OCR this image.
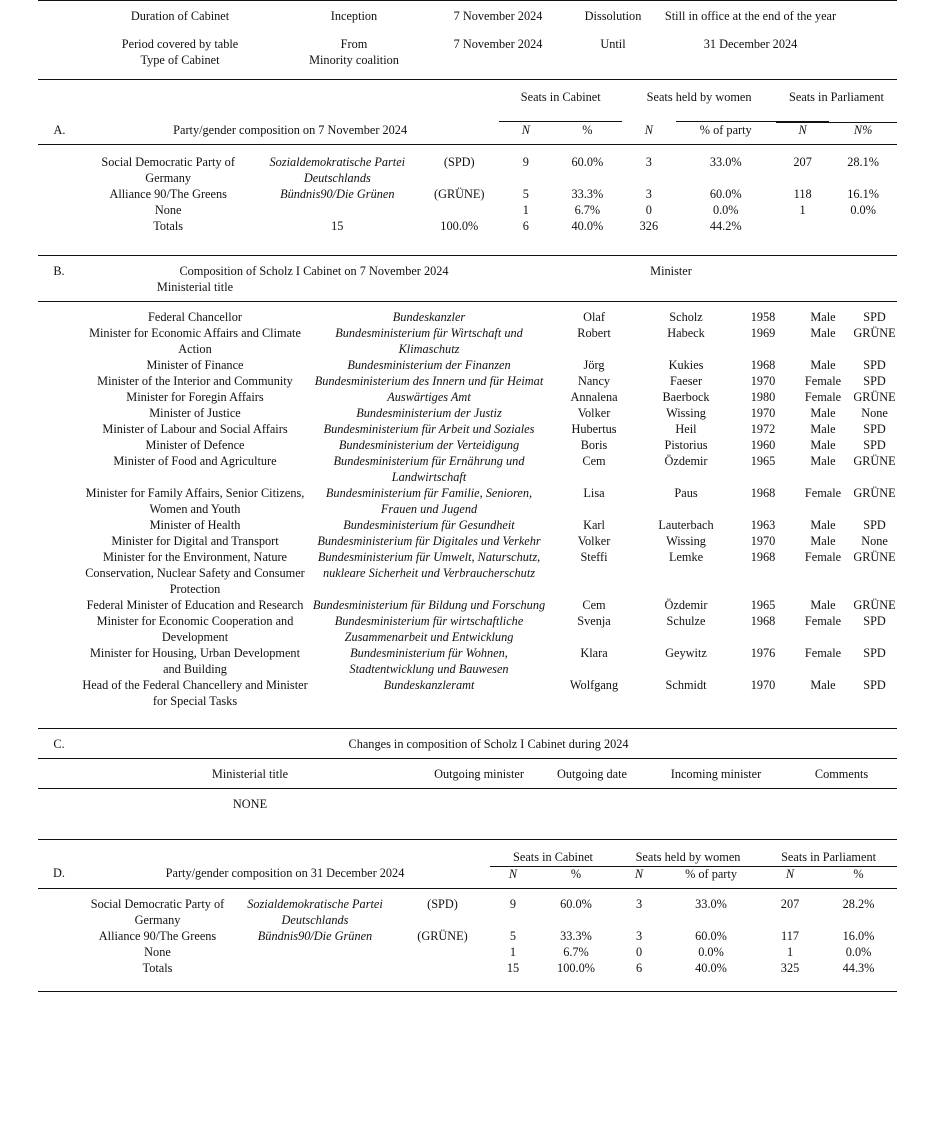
	Duration of Cabinet	Inception	7 November 2024	Dissolution	Still in office at the end of the year	

	Period covered by table	From	7 November 2024	Until	31 December 2024	
	Type of Cabinet	Minority coalition				
				Seats in Cabinet		Seats held by women		Seats in Parliament	

A.	Party/gender composition on 7 November 2024			N	%	N	% of party	N	N%

	Social Democratic Party of Germany	Sozialdemokratische Partei Deutschlands	(SPD)	9	60.0%	3	33.0%	207	28.1%
	Alliance 90/The Greens	Bündnis90/Die Grünen	(GRÜNE)	5	33.3%	3	60.0%	118	16.1%
	None			1	6.7%	0	0.0%	1	0.0%
	Totals	15	100.0%	6	40.0%	326	44.2%		
B.	Composition of Scholz I Cabinet on 7 November 2024		Minister				
	Ministerial title						

	Federal Chancellor	Bundeskanzler	Olaf	Scholz	1958	Male	SPD
	Minister for Economic Affairs and Climate Action	Bundesministerium für Wirtschaft und Klimaschutz	Robert	Habeck	1969	Male	GRÜNE
	Minister of Finance	Bundesministerium der Finanzen	Jörg	Kukies	1968	Male	SPD
	Minister of the Interior and Community	Bundesministerium des Innern und für Heimat	Nancy	Faeser	1970	Female	SPD
	Minister for Foregin Affairs	Auswärtiges Amt	Annalena	Baerbock	1980	Female	GRÜNE
	Minister of Justice	Bundesministerium der Justiz	Volker	Wissing	1970	Male	None
	Minister of Labour and Social Affairs	Bundesministerium für Arbeit und Soziales	Hubertus	Heil	1972	Male	SPD
	Minister of Defence	Bundesministerium der Verteidigung	Boris	Pistorius	1960	Male	SPD
	Minister of Food and Agriculture	Bundesministerium für Ernährung und Landwirtschaft	Cem	Özdemir	1965	Male	GRÜNE
	Minister for Family Affairs, Senior Citizens, Women and Youth	Bundesministerium für Familie, Senioren, Frauen und Jugend	Lisa	Paus	1968	Female	GRÜNE
	Minister of Health	Bundesministerium für Gesundheit	Karl	Lauterbach	1963	Male	SPD
	Minister for Digital and Transport	Bundesministerium für Digitales und Verkehr	Volker	Wissing	1970	Male	None
	Minister for the Environment, Nature Conservation, Nuclear Safety and Consumer Protection	Bundesministerium für Umwelt, Naturschutz, nukleare Sicherheit und Verbraucherschutz	Steffi	Lemke	1968	Female	GRÜNE
	Federal Minister of Education and Research	Bundesministerium für Bildung und Forschung	Cem	Özdemir	1965	Male	GRÜNE
	Minister for Economic Cooperation and Development	Bundesministerium für wirtschaftliche Zusammenarbeit und Entwicklung	Svenja	Schulze	1968	Female	SPD
	Minister for Housing, Urban Development and Building	Bundesministerium für Wohnen, Stadtentwicklung und Bauwesen	Klara	Geywitz	1976	Female	SPD
	Head of the Federal Chancellery and Minister for Special Tasks	Bundeskanzleramt	Wolfgang	Schmidt	1970	Male	SPD
C.	Changes in composition of Scholz I Cabinet during 2024				

	Ministerial title	Outgoing minister	Outgoing date	Incoming minister	Comments

	NONE				
				Seats in Cabinet		Seats held by women		Seats in Parliament	

D.	Party/gender composition on 31 December 2024			N	%	N	% of party	N	%

	Social Democratic Party of Germany	Sozialdemokratische Partei Deutschlands	(SPD)	9	60.0%	3	33.0%	207	28.2%
	Alliance 90/The Greens	Bündnis90/Die Grünen	(GRÜNE)	5	33.3%	3	60.0%	117	16.0%
	None			1	6.7%	0	0.0%	1	0.0%
	Totals			15	100.0%	6	40.0%	325	44.3%
